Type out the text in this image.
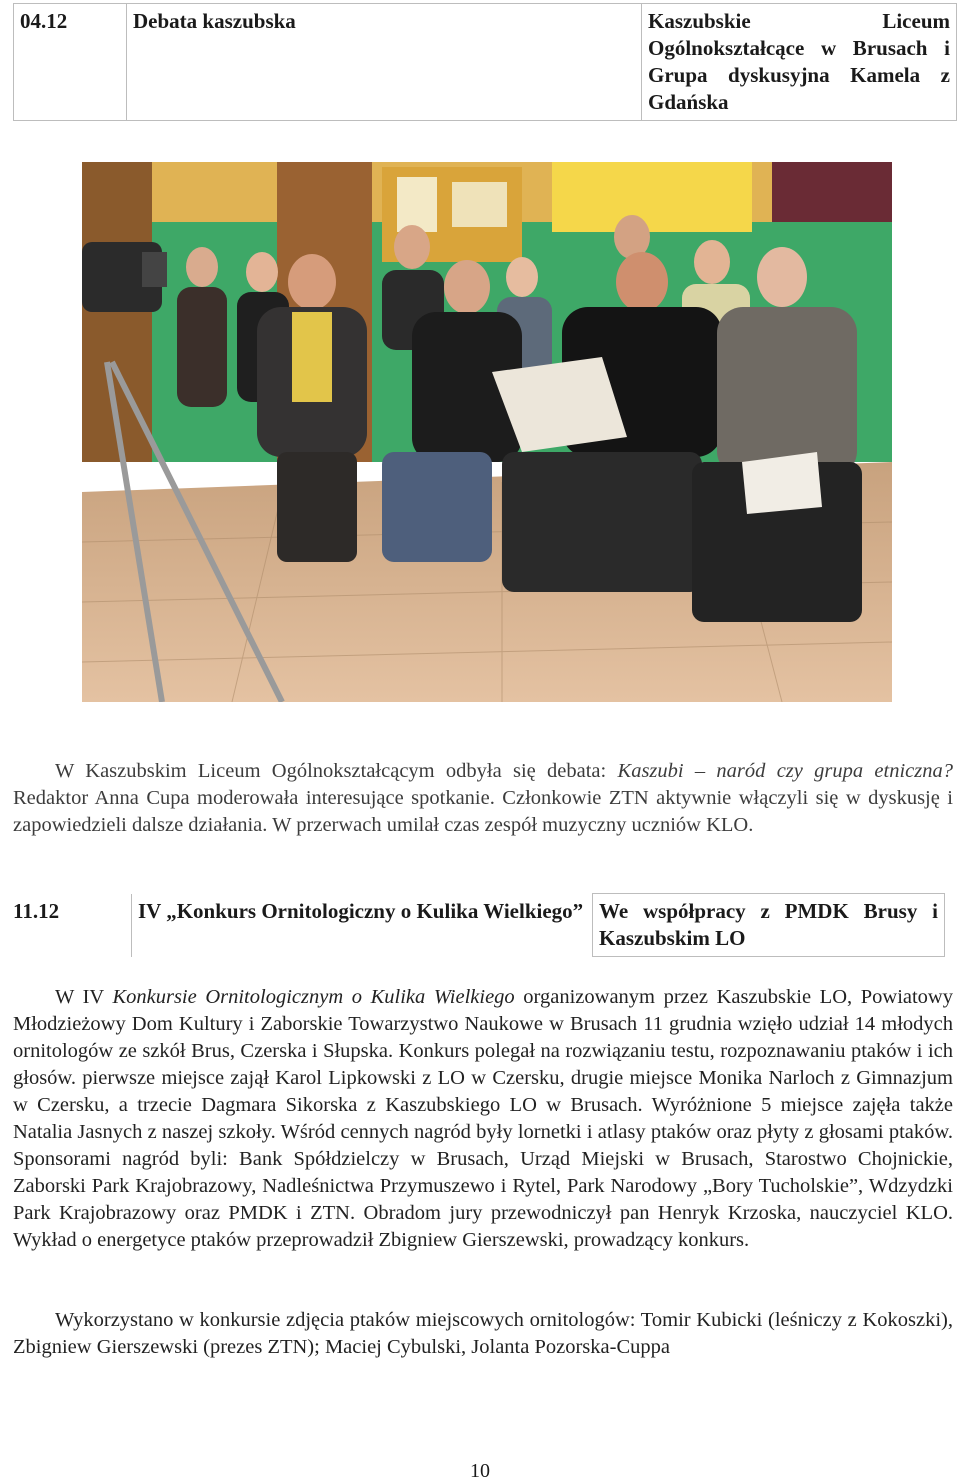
04.12	Debata kaszubska	Kaszubskie Liceum Ogólnokształcące w Brusach i Grupa dyskusyjna Kamela z Gdańska

W Kaszubskim Liceum Ogólnokształcącym odbyła się debata: Kaszubi – naród czy grupa etniczna? Redaktor Anna Cupa moderowała interesujące spotkanie. Członkowie ZTN aktywnie włączyli się w dyskusję i zapowiedzieli dalsze działania. W przerwach umilał czas zespół muzyczny uczniów KLO.

11.12	IV „Konkurs Ornitologiczny o Kulika Wielkiego”	We współpracy z PMDK Brusy i Kaszubskim LO

W IV Konkursie Ornitologicznym o Kulika Wielkiego organizowanym przez Kaszubskie LO, Powiatowy Młodzieżowy Dom Kultury i Zaborskie Towarzystwo Naukowe w Brusach 11 grudnia wzięło udział 14 młodych ornitologów ze szkół Brus, Czerska i Słupska. Konkurs polegał na rozwiązaniu testu, rozpoznawaniu ptaków i ich głosów. pierwsze miejsce zajął Karol Lipkowski z LO w Czersku, drugie miejsce Monika Narloch z Gimnazjum w Czersku, a trzecie Dagmara Sikorska z Kaszubskiego LO w Brusach. Wyróżnione 5 miejsce zajęła także Natalia Jasnych z naszej szkoły. Wśród cennych nagród były lornetki i atlasy ptaków oraz płyty z głosami ptaków. Sponsorami nagród byli: Bank Spółdzielczy w Brusach, Urząd Miejski w Brusach, Starostwo Chojnickie, Zaborski Park Krajobrazowy, Nadleśnictwa Przymuszewo i Rytel, Park Narodowy „Bory Tucholskie”, Wdzydzki Park Krajobrazowy oraz PMDK i ZTN. Obradom jury przewodniczył pan Henryk Krzoska, nauczyciel KLO. Wykład o energetyce ptaków przeprowadził Zbigniew Gierszewski, prowadzący konkurs.

Wykorzystano w konkursie zdjęcia ptaków miejscowych ornitologów: Tomir Kubicki (leśniczy z Kokoszki), Zbigniew Gierszewski (prezes ZTN); Maciej Cybulski, Jolanta Pozorska-Cuppa

10
